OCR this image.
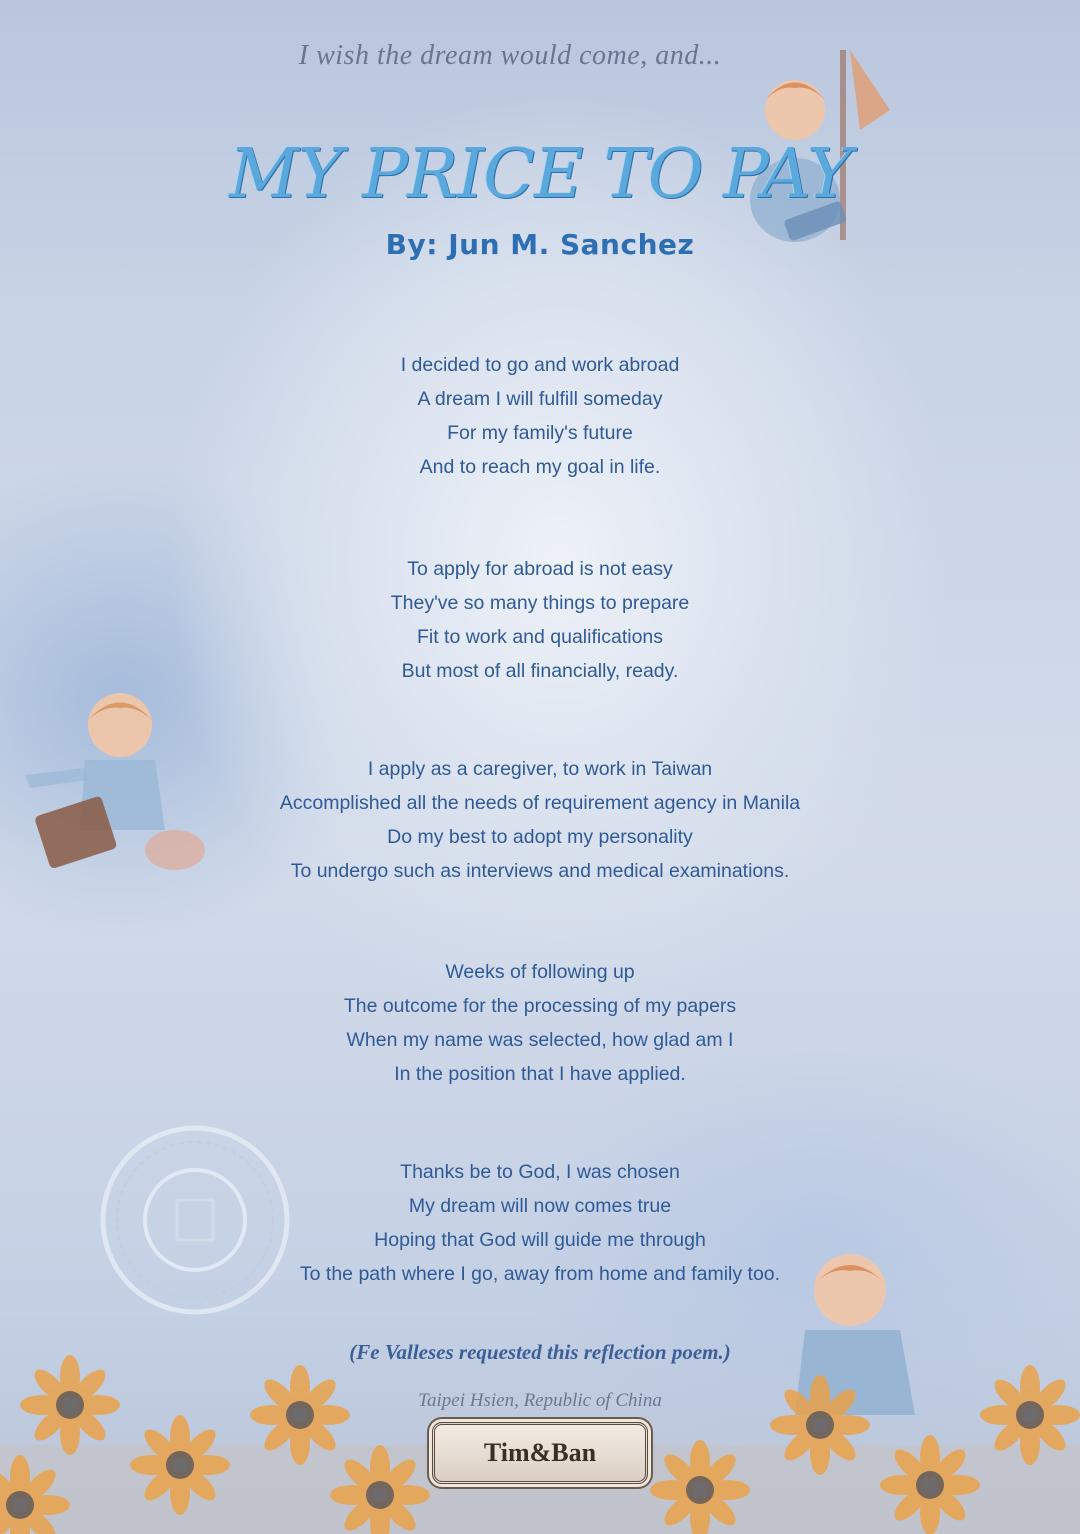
I wish the dream would come, and...
MY PRICE TO PAY
By: Jun M. Sanchez
I decided to go and work abroad
A dream I will fulfill someday
For my family's future
And to reach my goal in life.
To apply for abroad is not easy
They've so many things to prepare
Fit to work and qualifications
But most of all financially, ready.
I apply as a caregiver, to work in Taiwan
Accomplished all the needs of requirement agency in Manila
Do my best to adopt my personality
To undergo such as interviews and medical examinations.
Weeks of following up
The outcome for the processing of my papers
When my name was selected, how glad am I
In the position that I have applied.
Thanks be to God, I was chosen
My dream will now comes true
Hoping that God will guide me through
To the path where I go, away from home and family too.
(Fe Valleses requested this reflection poem.)
Taipei Hsien, Republic of China
Tim&Ban
